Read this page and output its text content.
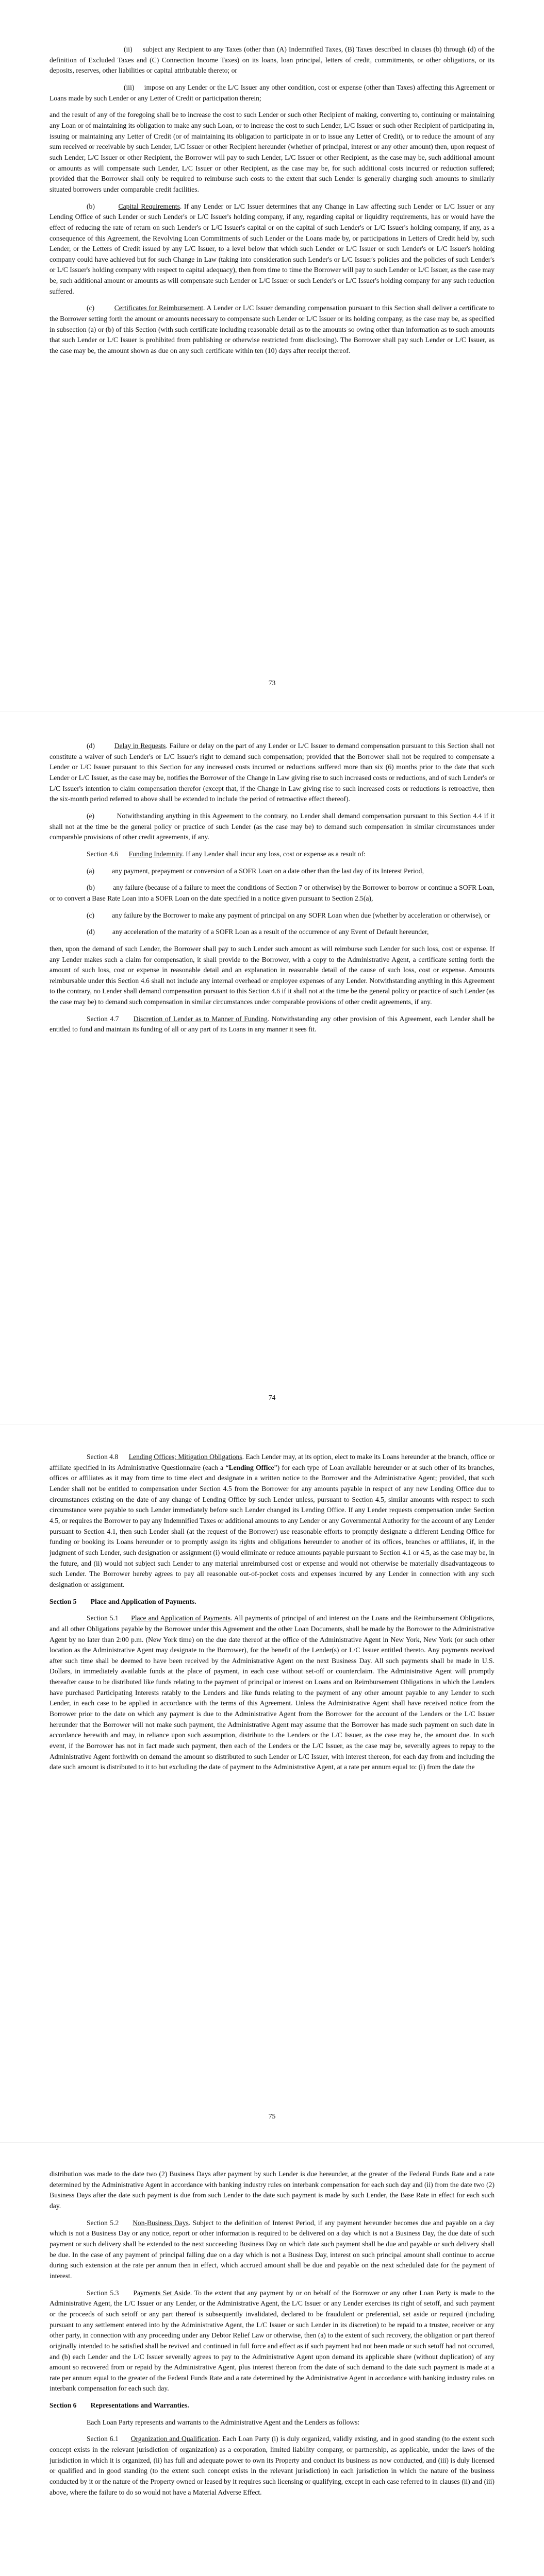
(ii)     subject any Recipient to any Taxes (other than (A) Indemnified Taxes, (B) Taxes described in clauses (b) through (d) of the definition of Excluded Taxes and (C) Connection Income Taxes) on its loans, loan principal, letters of credit, commitments, or other obligations, or its deposits, reserves, other liabilities or capital attributable thereto; or

(iii)     impose on any Lender or the L/C Issuer any other condition, cost or expense (other than Taxes) affecting this Agreement or Loans made by such Lender or any Letter of Credit or participation therein;

and the result of any of the foregoing shall be to increase the cost to such Lender or such other Recipient of making, converting to, continuing or maintaining any Loan or of maintaining its obligation to make any such Loan, or to increase the cost to such Lender, L/C Issuer or such other Recipient of participating in, issuing or maintaining any Letter of Credit (or of maintaining its obligation to participate in or to issue any Letter of Credit), or to reduce the amount of any sum received or receivable by such Lender, L/C Issuer or other Recipient hereunder (whether of principal, interest or any other amount) then, upon request of such Lender, L/C Issuer or other Recipient, the Borrower will pay to such Lender, L/C Issuer or other Recipient, as the case may be, such additional amount or amounts as will compensate such Lender, L/C Issuer or other Recipient, as the case may be, for such additional costs incurred or reduction suffered; provided that the Borrower shall only be required to reimburse such costs to the extent that such Lender is generally charging such amounts to similarly situated borrowers under comparable credit facilities.

(b)	Capital Requirements. If any Lender or L/C Issuer determines that any Change in Law affecting such Lender or L/C Issuer or any Lending Office of such Lender or such Lender's or L/C Issuer's holding company, if any, regarding capital or liquidity requirements, has or would have the effect of reducing the rate of return on such Lender's or L/C Issuer's capital or on the capital of such Lender's or L/C Issuer's holding company, if any, as a consequence of this Agreement, the Revolving Loan Commitments of such Lender or the Loans made by, or participations in Letters of Credit held by, such Lender, or the Letters of Credit issued by any L/C Issuer, to a level below that which such Lender or L/C Issuer or such Lender's or L/C Issuer's holding company could have achieved but for such Change in Law (taking into consideration such Lender's or L/C Issuer's policies and the policies of such Lender's or L/C Issuer's holding company with respect to capital adequacy), then from time to time the Borrower will pay to such Lender or L/C Issuer, as the case may be, such additional amount or amounts as will compensate such Lender or L/C Issuer or such Lender's or L/C Issuer's holding company for any such reduction suffered.

(c)	Certificates for Reimbursement. A Lender or L/C Issuer demanding compensation pursuant to this Section shall deliver a certificate to the Borrower setting forth the amount or amounts necessary to compensate such Lender or L/C Issuer or its holding company, as the case may be, as specified in subsection (a) or (b) of this Section (with such certificate including reasonable detail as to the amounts so owing other than information as to such amounts that such Lender or L/C Issuer is prohibited from publishing or otherwise restricted from disclosing). The Borrower shall pay such Lender or L/C Issuer, as the case may be, the amount shown as due on any such certificate within ten (10) days after receipt thereof.

73

(d)	Delay in Requests. Failure or delay on the part of any Lender or L/C Issuer to demand compensation pursuant to this Section shall not constitute a waiver of such Lender's or L/C Issuer's right to demand such compensation; provided that the Borrower shall not be required to compensate a Lender or L/C Issuer pursuant to this Section for any increased costs incurred or reductions suffered more than six (6) months prior to the date that such Lender or L/C Issuer, as the case may be, notifies the Borrower of the Change in Law giving rise to such increased costs or reductions, and of such Lender's or L/C Issuer's intention to claim compensation therefor (except that, if the Change in Law giving rise to such increased costs or reductions is retroactive, then the six-month period referred to above shall be extended to include the period of retroactive effect thereof).

(e)	Notwithstanding anything in this Agreement to the contrary, no Lender shall demand compensation pursuant to this Section 4.4 if it shall not at the time be the general policy or practice of such Lender (as the case may be) to demand such compensation in similar circumstances under comparable provisions of other credit agreements, if any.

Section 4.6 Funding Indemnity. If any Lender shall incur any loss, cost or expense as a result of:

(a) any payment, prepayment or conversion of a SOFR Loan on a date other than the last day of its Interest Period,

(b)	any failure (because of a failure to meet the conditions of Section 7 or otherwise) by the Borrower to borrow or continue a SOFR Loan, or to convert a Base Rate Loan into a SOFR Loan on the date specified in a notice given pursuant to Section 2.5(a),

(c) any failure by the Borrower to make any payment of principal on any SOFR Loan when due (whether by acceleration or otherwise), or

(d) any acceleration of the maturity of a SOFR Loan as a result of the occurrence of any Event of Default hereunder,

then, upon the demand of such Lender, the Borrower shall pay to such Lender such amount as will reimburse such Lender for such loss, cost or expense. If any Lender makes such a claim for compensation, it shall provide to the Borrower, with a copy to the Administrative Agent, a certificate setting forth the amount of such loss, cost or expense in reasonable detail and an explanation in reasonable detail of the cause of such loss, cost or expense. Amounts reimbursable under this Section 4.6 shall not include any internal overhead or employee expenses of any Lender. Notwithstanding anything in this Agreement to the contrary, no Lender shall demand compensation pursuant to this Section 4.6 if it shall not at the time be the general policy or practice of such Lender (as the case may be) to demand such compensation in similar circumstances under comparable provisions of other credit agreements, if any.

Section 4.7 Discretion of Lender as to Manner of Funding. Notwithstanding any other provision of this Agreement, each Lender shall be entitled to fund and maintain its funding of all or any part of its Loans in any manner it sees fit.

74

Section 4.8 Lending Offices; Mitigation Obligations. Each Lender may, at its option, elect to make its Loans hereunder at the branch, office or affiliate specified in its Administrative Questionnaire (each a “Lending Office”) for each type of Loan available hereunder or at such other of its branches, offices or affiliates as it may from time to time elect and designate in a written notice to the Borrower and the Administrative Agent; provided, that such Lender shall not be entitled to compensation under Section 4.5 from the Borrower for any amounts payable in respect of any new Lending Office due to circumstances existing on the date of any change of Lending Office by such Lender unless, pursuant to Section 4.5, similar amounts with respect to such circumstance were payable to such Lender immediately before such Lender changed its Lending Office. If any Lender requests compensation under Section 4.5, or requires the Borrower to pay any Indemnified Taxes or additional amounts to any Lender or any Governmental Authority for the account of any Lender pursuant to Section 4.1, then such Lender shall (at the request of the Borrower) use reasonable efforts to promptly designate a different Lending Office for funding or booking its Loans hereunder or to promptly assign its rights and obligations hereunder to another of its offices, branches or affiliates, if, in the judgment of such Lender, such designation or assignment (i) would eliminate or reduce amounts payable pursuant to Section 4.1 or 4.5, as the case may be, in the future, and (ii) would not subject such Lender to any material unreimbursed cost or expense and would not otherwise be materially disadvantageous to such Lender. The Borrower hereby agrees to pay all reasonable out-of-pocket costs and expenses incurred by any Lender in connection with any such designation or assignment.

Section 5 Place and Application of Payments.

Section 5.1 Place and Application of Payments. All payments of principal of and interest on the Loans and the Reimbursement Obligations, and all other Obligations payable by the Borrower under this Agreement and the other Loan Documents, shall be made by the Borrower to the Administrative Agent by no later than 2:00 p.m. (New York time) on the due date thereof at the office of the Administrative Agent in New York, New York (or such other location as the Administrative Agent may designate to the Borrower), for the benefit of the Lender(s) or L/C Issuer entitled thereto. Any payments received after such time shall be deemed to have been received by the Administrative Agent on the next Business Day. All such payments shall be made in U.S. Dollars, in immediately available funds at the place of payment, in each case without set-off or counterclaim. The Administrative Agent will promptly thereafter cause to be distributed like funds relating to the payment of principal or interest on Loans and on Reimbursement Obligations in which the Lenders have purchased Participating Interests ratably to the Lenders and like funds relating to the payment of any other amount payable to any Lender to such Lender, in each case to be applied in accordance with the terms of this Agreement. Unless the Administrative Agent shall have received notice from the Borrower prior to the date on which any payment is due to the Administrative Agent from the Borrower for the account of the Lenders or the L/C Issuer hereunder that the Borrower will not make such payment, the Administrative Agent may assume that the Borrower has made such payment on such date in accordance herewith and may, in reliance upon such assumption, distribute to the Lenders or the L/C Issuer, as the case may be, the amount due. In such event, if the Borrower has not in fact made such payment, then each of the Lenders or the L/C Issuer, as the case may be, severally agrees to repay to the Administrative Agent forthwith on demand the amount so distributed to such Lender or L/C Issuer, with interest thereon, for each day from and including the date such amount is distributed to it to but excluding the date of payment to the Administrative Agent, at a rate per annum equal to: (i) from the date the

75

distribution was made to the date two (2) Business Days after payment by such Lender is due hereunder, at the greater of the Federal Funds Rate and a rate determined by the Administrative Agent in accordance with banking industry rules on interbank compensation for each such day and (ii) from the date two (2) Business Days after the date such payment is due from such Lender to the date such payment is made by such Lender, the Base Rate in effect for each such day.

Section 5.2 Non-Business Days. Subject to the definition of Interest Period, if any payment hereunder becomes due and payable on a day which is not a Business Day or any notice, report or other information is required to be delivered on a day which is not a Business Day, the due date of such payment or such delivery shall be extended to the next succeeding Business Day on which date such payment shall be due and payable or such delivery shall be due. In the case of any payment of principal falling due on a day which is not a Business Day, interest on such principal amount shall continue to accrue during such extension at the rate per annum then in effect, which accrued amount shall be due and payable on the next scheduled date for the payment of interest.

Section 5.3 Payments Set Aside. To the extent that any payment by or on behalf of the Borrower or any other Loan Party is made to the Administrative Agent, the L/C Issuer or any Lender, or the Administrative Agent, the L/C Issuer or any Lender exercises its right of setoff, and such payment or the proceeds of such setoff or any part thereof is subsequently invalidated, declared to be fraudulent or preferential, set aside or required (including pursuant to any settlement entered into by the Administrative Agent, the L/C Issuer or such Lender in its discretion) to be repaid to a trustee, receiver or any other party, in connection with any proceeding under any Debtor Relief Law or otherwise, then (a) to the extent of such recovery, the obligation or part thereof originally intended to be satisfied shall be revived and continued in full force and effect as if such payment had not been made or such setoff had not occurred, and (b) each Lender and the L/C Issuer severally agrees to pay to the Administrative Agent upon demand its applicable share (without duplication) of any amount so recovered from or repaid by the Administrative Agent, plus interest thereon from the date of such demand to the date such payment is made at a rate per annum equal to the greater of the Federal Funds Rate and a rate determined by the Administrative Agent in accordance with banking industry rules on interbank compensation for each such day.

Section 6 Representations and Warranties.

Each Loan Party represents and warrants to the Administrative Agent and the Lenders as follows:

Section 6.1 Organization and Qualification. Each Loan Party (i) is duly organized, validly existing, and in good standing (to the extent such concept exists in the relevant jurisdiction of organization) as a corporation, limited liability company, or partnership, as applicable, under the laws of the jurisdiction in which it is organized, (ii) has full and adequate power to own its Property and conduct its business as now conducted, and (iii) is duly licensed or qualified and in good standing (to the extent such concept exists in the relevant jurisdiction) in each jurisdiction in which the nature of the business conducted by it or the nature of the Property owned or leased by it requires such licensing or qualifying, except in each case referred to in clauses (ii) and (iii) above, where the failure to do so would not have a Material Adverse Effect.
